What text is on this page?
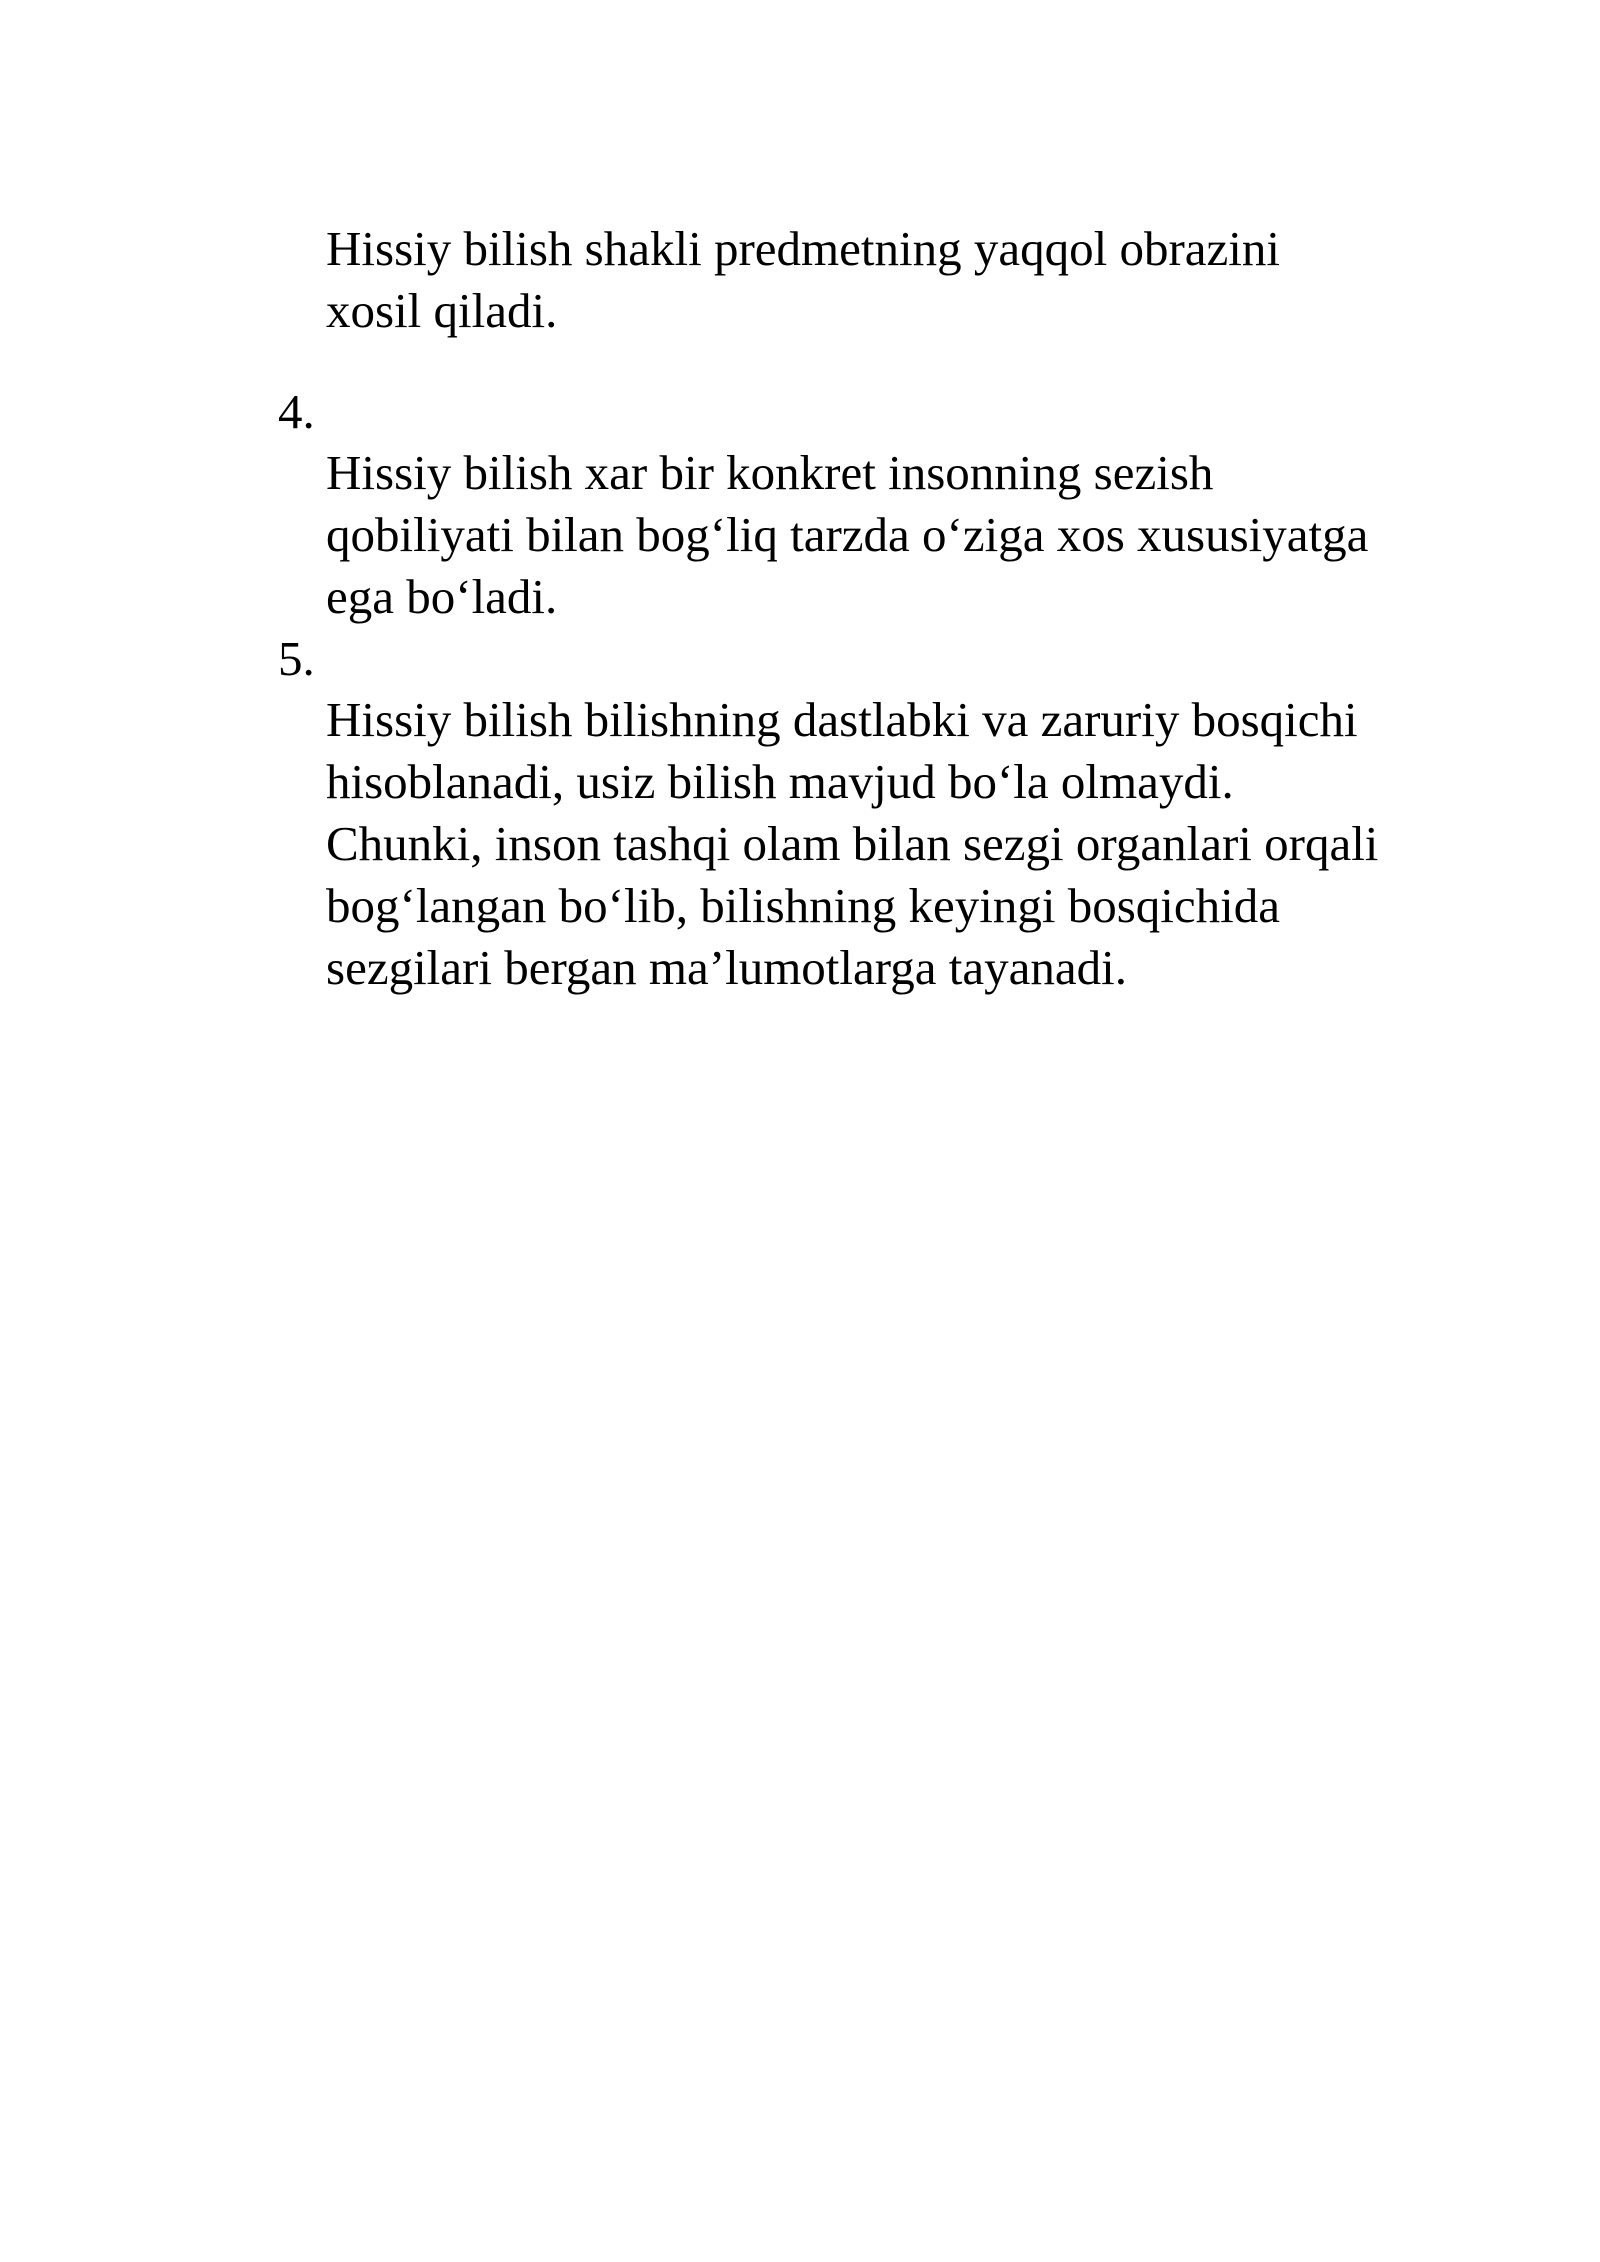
Hissiy bilish shakli predmetning yaqqol obrazini
xosil qiladi.
4.
Hissiy bilish xar bir konkret insonning sezish
qobiliyati bilan bog‘liq tarzda o‘ziga xos xususiyatga
ega bo‘ladi.
5.
Hissiy bilish bilishning dastlabki va zaruriy bosqichi
hisoblanadi, usiz bilish mavjud bo‘la olmaydi.
Chunki, inson tashqi olam bilan sezgi organlari orqali
bog‘langan bo‘lib, bilishning keyingi bosqichida
sezgilari bergan ma’lumotlarga tayanadi.
